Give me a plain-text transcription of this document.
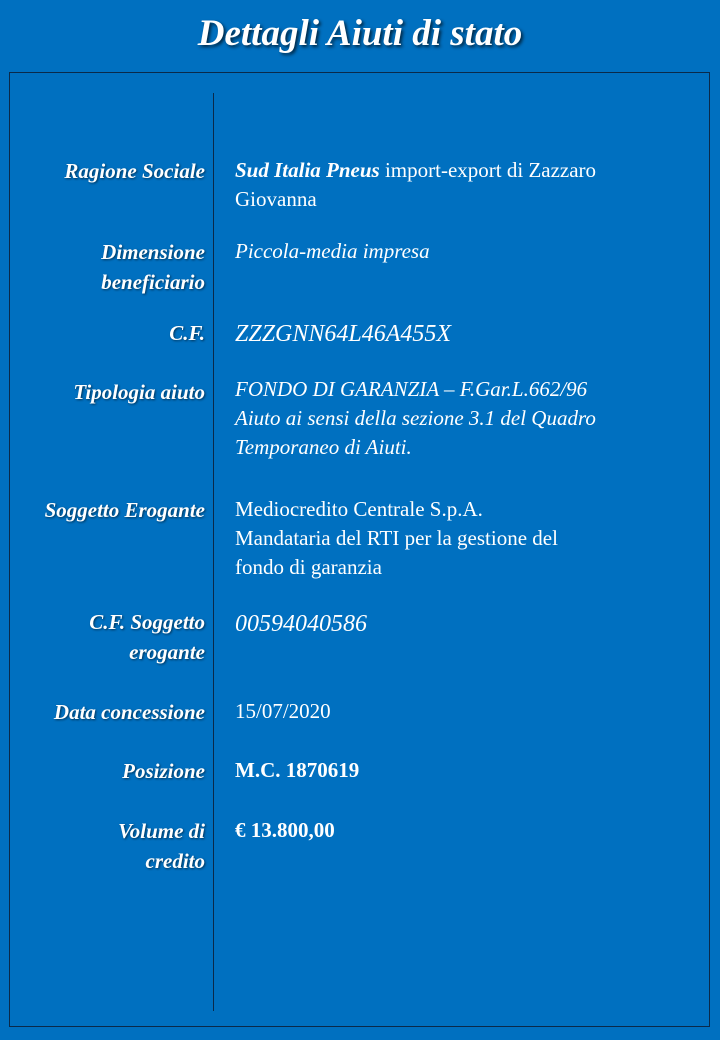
Dettagli Aiuti di stato
Ragione Sociale Sud Italia Pneus import-export di Zazzaro Giovanna
Dimensione
beneficiario
Piccola-media impresa
C.F. ZZZGNN64L46A455X
Tipologia aiuto FONDO DI GARANZIA – F.Gar.L.662/96
Aiuto ai sensi della sezione 3.1 del Quadro
Temporaneo di Aiuti.
Soggetto Erogante Mediocredito Centrale S.p.A.
Mandataria del RTI per la gestione del
fondo di garanzia
C.F. Soggetto
erogante
00594040586
Data concessione 15/07/2020
Posizione M.C. 1870619
Volume di
credito
€ 13.800,00
